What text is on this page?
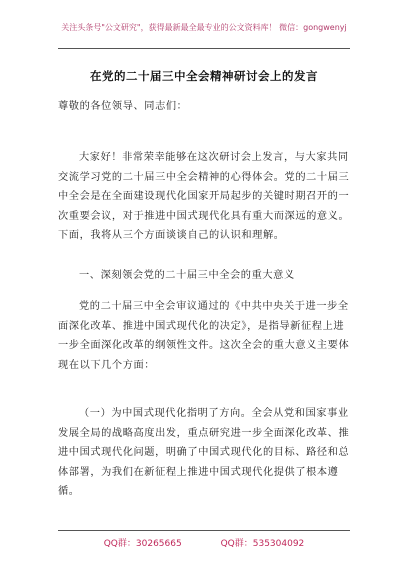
关注头条号"公文研究"，获得最新最全最专业的公文资料库！ 微信：gongwenyj
在党的二十届三中全会精神研讨会上的发言
尊敬的各位领导、同志们：
大家好！非常荣幸能够在这次研讨会上发言，与大家共同交流学习党的二十届三中全会精神的心得体会。党的二十届三中全会是在全面建设现代化国家开局起步的关键时期召开的一次重要会议，对于推进中国式现代化具有重大而深远的意义。下面，我将从三个方面谈谈自己的认识和理解。
一、深刻领会党的二十届三中全会的重大意义
党的二十届三中全会审议通过的《中共中央关于进一步全面深化改革、推进中国式现代化的决定》，是指导新征程上进一步全面深化改革的纲领性文件。这次全会的重大意义主要体现在以下几个方面：
（一）为中国式现代化指明了方向。全会从党和国家事业发展全局的战略高度出发，重点研究进一步全面深化改革、推进中国式现代化问题，明确了中国式现代化的目标、路径和总体部署，为我们在新征程上推进中国式现代化提供了根本遵循。
QQ群：30265665	QQ群：535304092
